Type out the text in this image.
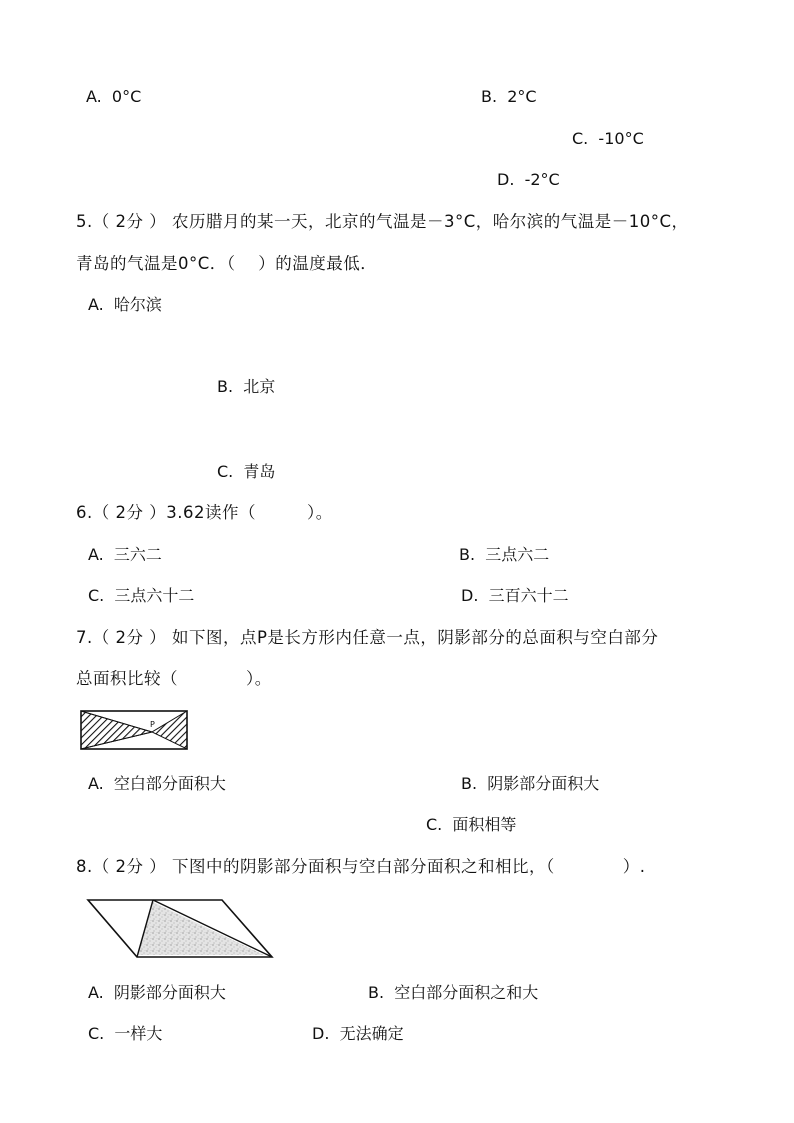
A.  0°C	B.  2°C
C.  -10°C
D.  -2°C
5.（ 2分 ） 农历腊月的某一天，北京的气温是－3°C，哈尔滨的气温是－10°C，
青岛的气温是0°C．（　 ）的温度最低．
A.  哈尔滨
B.  北京
C.  青岛
6.（ 2分 ）3.62读作（　　　）。
A.  三六二	B.  三点六二
C.  三点六十二	D.  三百六十二
7.（ 2分 ） 如下图，点P是长方形内任意一点，阴影部分的总面积与空白部分
总面积比较（　　　　）。
P
A.  空白部分面积大	B.  阴影部分面积大
C.  面积相等
8.（ 2分 ） 下图中的阴影部分面积与空白部分面积之和相比，（　　　　）.
A.  阴影部分面积大	B.  空白部分面积之和大
C.  一样大	D.  无法确定
